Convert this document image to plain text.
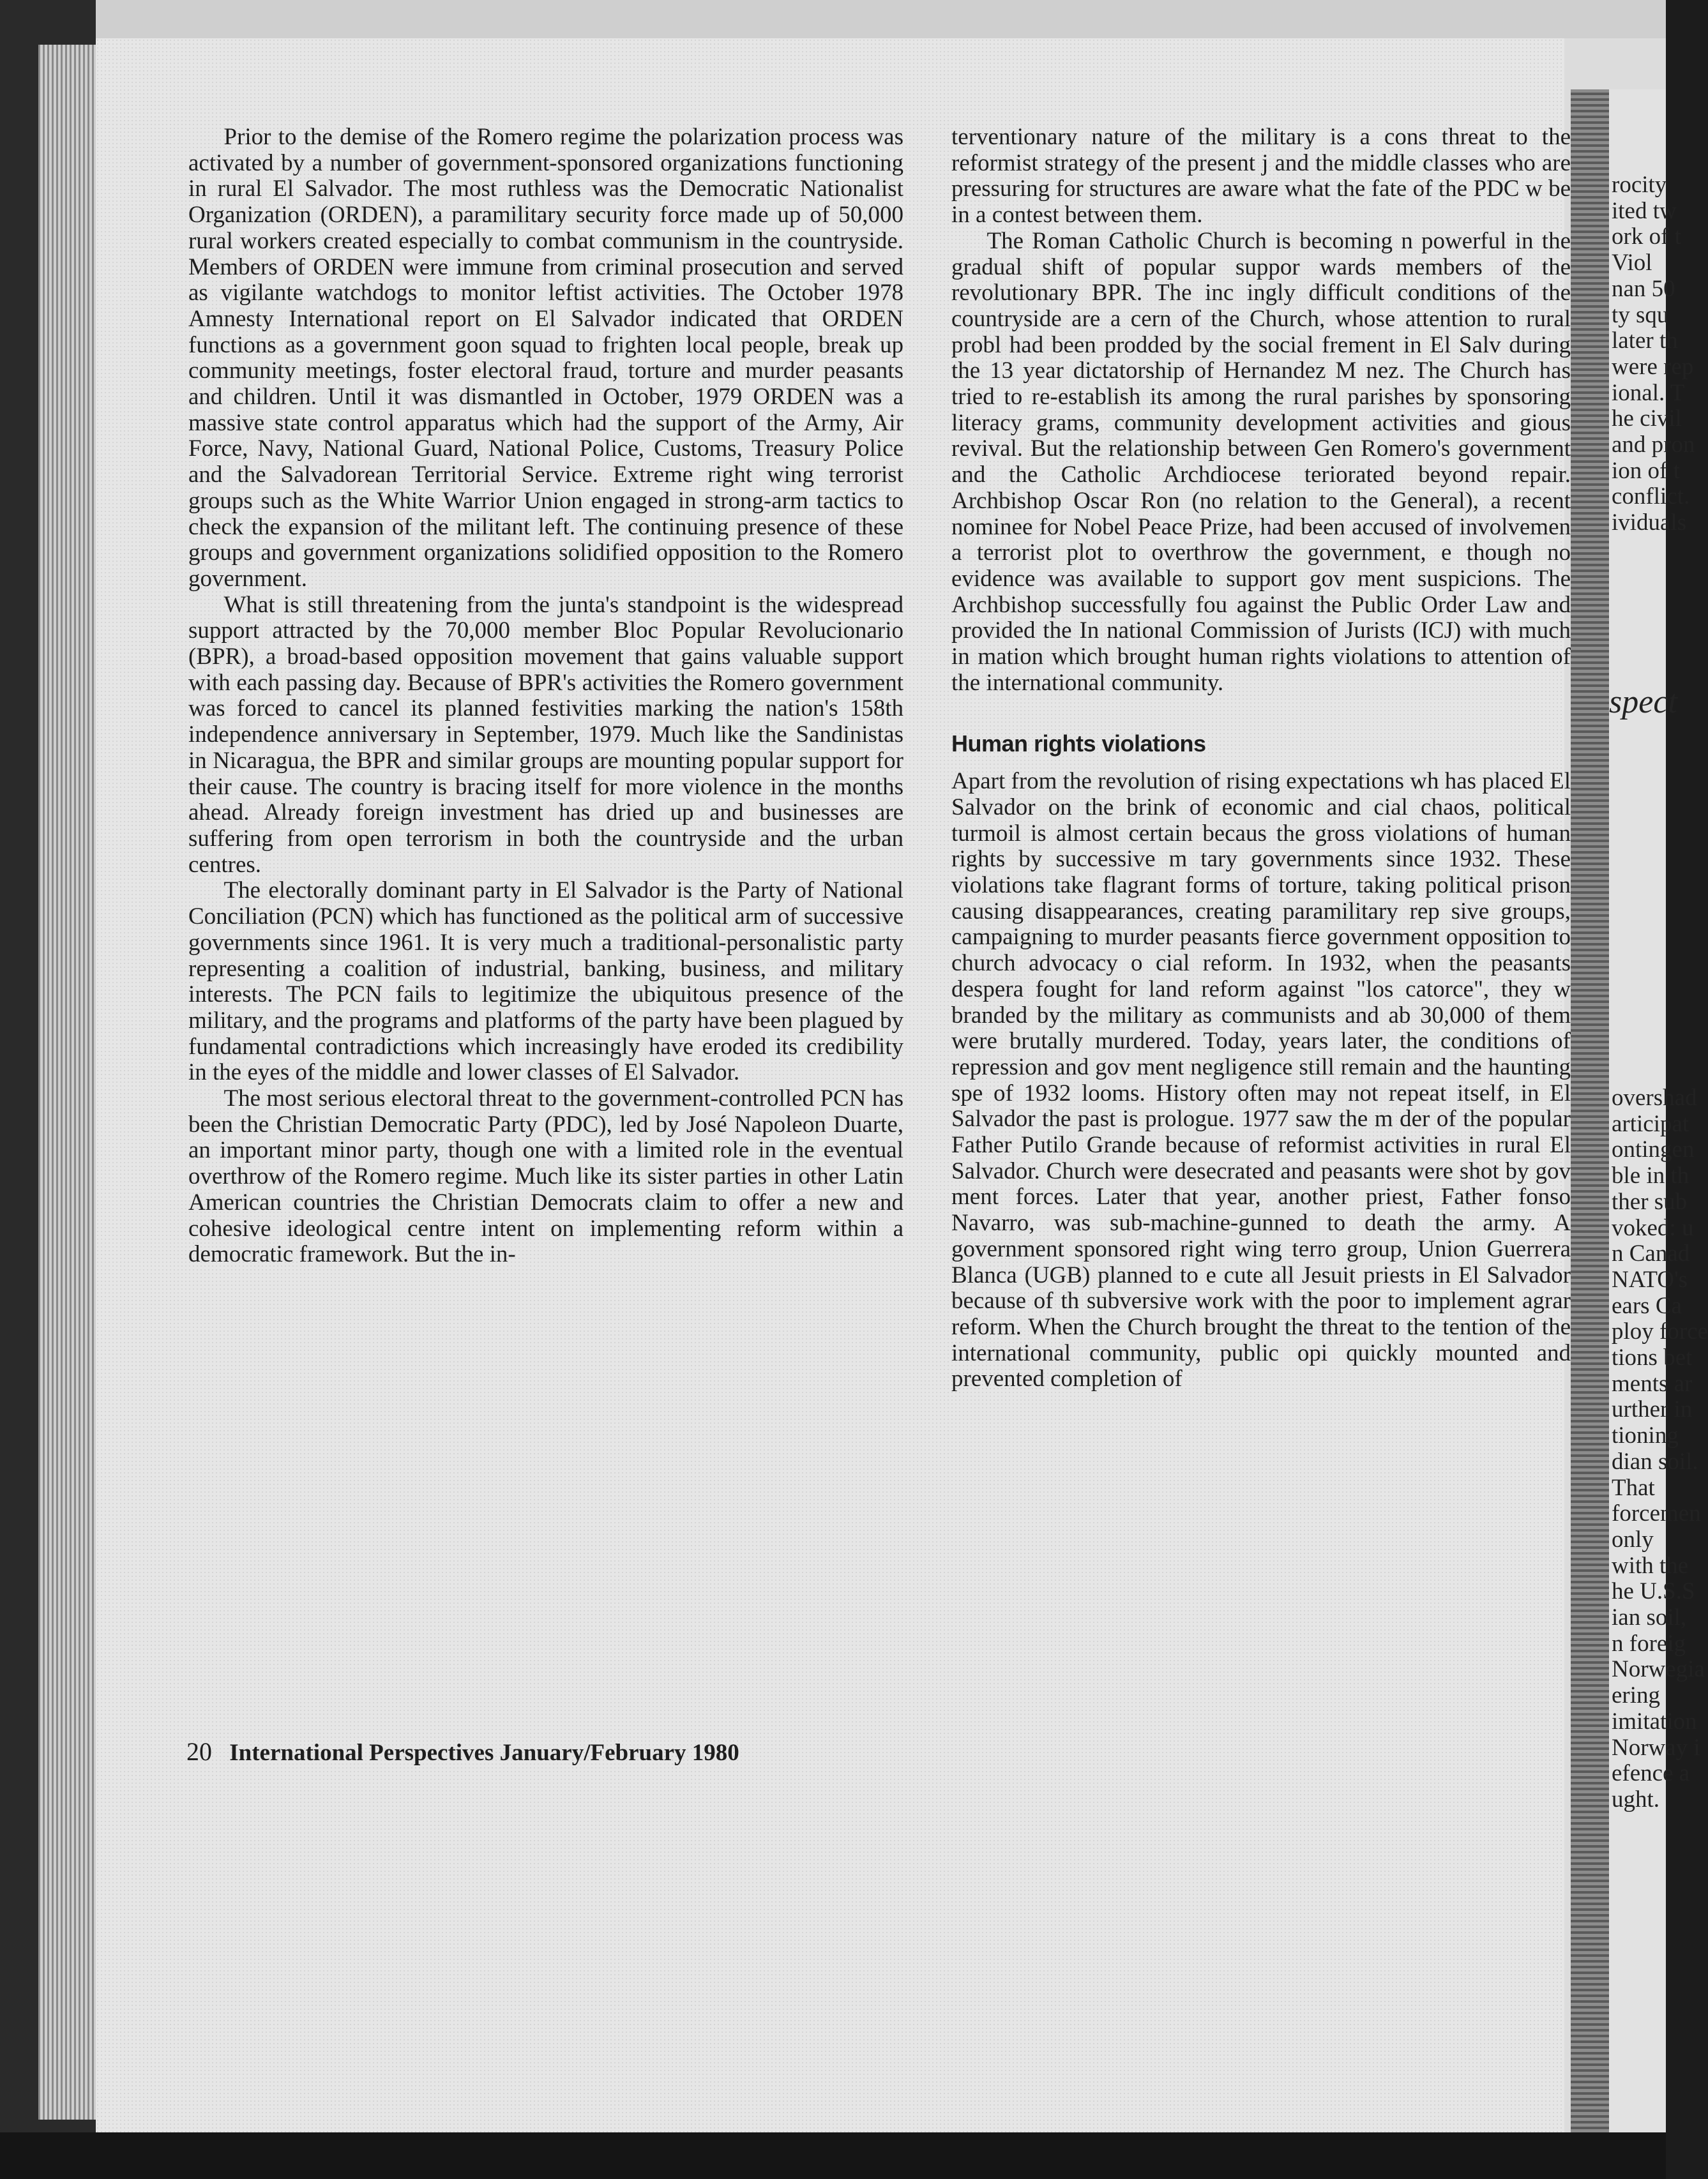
Prior to the demise of the Romero regime the polarization process was activated by a number of government-sponsored organizations functioning in rural El Salvador. The most ruthless was the Democratic Nationalist Organization (ORDEN), a paramilitary security force made up of 50,000 rural workers created especially to combat communism in the countryside. Members of ORDEN were immune from criminal prosecution and served as vigilante watchdogs to monitor leftist activities. The October 1978 Amnesty International report on El Salvador indicated that ORDEN functions as a government goon squad to frighten local people, break up community meetings, foster electoral fraud, torture and murder peasants and children. Until it was dismantled in October, 1979 ORDEN was a massive state control apparatus which had the support of the Army, Air Force, Navy, National Guard, National Police, Customs, Treasury Police and the Salvadorean Territorial Service. Extreme right wing terrorist groups such as the White Warrior Union engaged in strong-arm tactics to check the expansion of the militant left. The continuing presence of these groups and government organizations solidified opposition to the Romero government.

What is still threatening from the junta's standpoint is the widespread support attracted by the 70,000 member Bloc Popular Revolucionario (BPR), a broad-based opposition movement that gains valuable support with each passing day. Because of BPR's activities the Romero government was forced to cancel its planned festivities marking the nation's 158th independence anniversary in September, 1979. Much like the Sandinistas in Nicaragua, the BPR and similar groups are mounting popular support for their cause. The country is bracing itself for more violence in the months ahead. Already foreign investment has dried up and businesses are suffering from open terrorism in both the countryside and the urban centres.

The electorally dominant party in El Salvador is the Party of National Conciliation (PCN) which has functioned as the political arm of successive governments since 1961. It is very much a traditional-personalistic party representing a coalition of industrial, banking, business, and military interests. The PCN fails to legitimize the ubiquitous presence of the military, and the programs and platforms of the party have been plagued by fundamental contradictions which increasingly have eroded its credibility in the eyes of the middle and lower classes of El Salvador.

The most serious electoral threat to the government-controlled PCN has been the Christian Democratic Party (PDC), led by José Napoleon Duarte, an important minor party, though one with a limited role in the eventual overthrow of the Romero regime. Much like its sister parties in other Latin American countries the Christian Democrats claim to offer a new and cohesive ideological centre intent on implementing reform within a democratic framework. But the in-

terventionary nature of the military is a cons threat to the reformist strategy of the present j and the middle classes who are pressuring for structures are aware what the fate of the PDC w be in a contest between them.

The Roman Catholic Church is becoming n powerful in the gradual shift of popular suppor wards members of the revolutionary BPR. The inc ingly difficult conditions of the countryside are a cern of the Church, whose attention to rural probl had been prodded by the social frement in El Salv during the 13 year dictatorship of Hernandez M nez. The Church has tried to re-establish its among the rural parishes by sponsoring literacy grams, community development activities and gious revival. But the relationship between Gen Romero's government and the Catholic Archdiocese teriorated beyond repair. Archbishop Oscar Ron (no relation to the General), a recent nominee for Nobel Peace Prize, had been accused of involvemen a terrorist plot to overthrow the government, e though no evidence was available to support gov ment suspicions. The Archbishop successfully fou against the Public Order Law and provided the In national Commission of Jurists (ICJ) with much in mation which brought human rights violations to attention of the international community.

Human rights violations

Apart from the revolution of rising expectations wh has placed El Salvador on the brink of economic and cial chaos, political turmoil is almost certain becaus the gross violations of human rights by successive m tary governments since 1932. These violations take flagrant forms of torture, taking political prison causing disappearances, creating paramilitary rep sive groups, campaigning to murder peasants fierce government opposition to church advocacy o cial reform. In 1932, when the peasants despera fought for land reform against "los catorce", they w branded by the military as communists and ab 30,000 of them were brutally murdered. Today, years later, the conditions of repression and gov ment negligence still remain and the haunting spe of 1932 looms. History often may not repeat itself, in El Salvador the past is prologue. 1977 saw the m der of the popular Father Putilo Grande because of reformist activities in rural El Salvador. Church were desecrated and peasants were shot by gov ment forces. Later that year, another priest, Father fonso Navarro, was sub-machine-gunned to death the army. A government sponsored right wing terro group, Union Guerrera Blanca (UGB) planned to e cute all Jesuit priests in El Salvador because of th subversive work with the poor to implement agrar reform. When the Church brought the threat to the tention of the international community, public opi quickly mounted and prevented completion of

20 International Perspectives January/February 1980
rocity
ited tw
ork of t
Viol
nan 50
ty squ
later th
were rep
ional. T
he civil
and pron
ion of t
conflict.
ividuals
spect
overshad
articipat
ontingen
ble in th
ther sub
voked: u
n Canad
NATO's
ears Ca
ploy force
tions bet
ments ar
urther in
tioning
dian soil.
That
forcemen
only
with the
he U.S.S
ian soil,
n foreig
Norwegia
ering
imitation
Norway i
efence a
ught.
